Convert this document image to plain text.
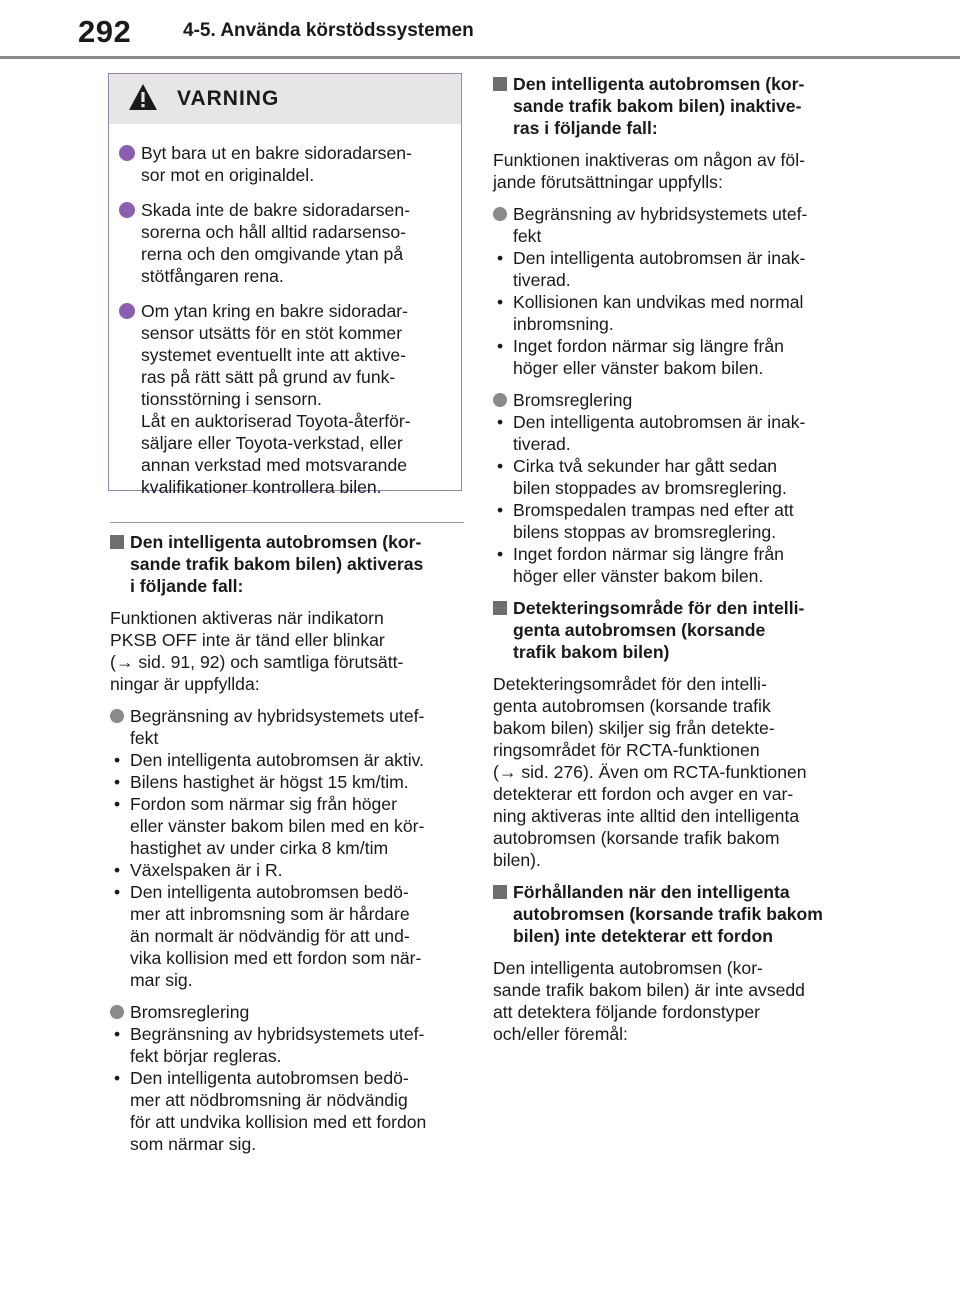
292	4-5. Använda körstödssystemen
VARNING
Byt bara ut en bakre sidoradarsen-
sor mot en originaldel.
Skada inte de bakre sidoradarsen-
sorerna och håll alltid radarsenso-
rerna och den omgivande ytan på
stötfångaren rena.
Om ytan kring en bakre sidoradar-
sensor utsätts för en stöt kommer
systemet eventuellt inte att aktive-
ras på rätt sätt på grund av funk-
tionsstörning i sensorn.
Låt en auktoriserad Toyota-återför-
säljare eller Toyota-verkstad, eller
annan verkstad med motsvarande
kvalifikationer kontrollera bilen.
Den intelligenta autobromsen (kor-
sande trafik bakom bilen) aktiveras
i följande fall:
Funktionen aktiveras när indikatorn
PKSB OFF inte är tänd eller blinkar
(→ sid. 91, 92) och samtliga förutsätt-
ningar är uppfyllda:
Begränsning av hybridsystemets utef-
fekt
• Den intelligenta autobromsen är aktiv.
• Bilens hastighet är högst 15 km/tim.
• Fordon som närmar sig från höger
eller vänster bakom bilen med en kör-
hastighet av under cirka 8 km/tim
• Växelspaken är i R.
• Den intelligenta autobromsen bedö-
mer att inbromsning som är hårdare
än normalt är nödvändig för att und-
vika kollision med ett fordon som när-
mar sig.
Bromsreglering
• Begränsning av hybridsystemets utef-
fekt börjar regleras.
• Den intelligenta autobromsen bedö-
mer att nödbromsning är nödvändig
för att undvika kollision med ett fordon
som närmar sig.
Den intelligenta autobromsen (kor-
sande trafik bakom bilen) inaktive-
ras i följande fall:
Funktionen inaktiveras om någon av föl-
jande förutsättningar uppfylls:
Begränsning av hybridsystemets utef-
fekt
• Den intelligenta autobromsen är inak-
tiverad.
• Kollisionen kan undvikas med normal
inbromsning.
• Inget fordon närmar sig längre från
höger eller vänster bakom bilen.
Bromsreglering
• Den intelligenta autobromsen är inak-
tiverad.
• Cirka två sekunder har gått sedan
bilen stoppades av bromsreglering.
• Bromspedalen trampas ned efter att
bilens stoppas av bromsreglering.
• Inget fordon närmar sig längre från
höger eller vänster bakom bilen.
Detekteringsområde för den intelli-
genta autobromsen (korsande
trafik bakom bilen)
Detekteringsområdet för den intelli-
genta autobromsen (korsande trafik
bakom bilen) skiljer sig från detekte-
ringsområdet för RCTA-funktionen
(→ sid. 276). Även om RCTA-funktionen
detekterar ett fordon och avger en var-
ning aktiveras inte alltid den intelligenta
autobromsen (korsande trafik bakom
bilen).
Förhållanden när den intelligenta
autobromsen (korsande trafik bakom
bilen) inte detekterar ett fordon
Den intelligenta autobromsen (kor-
sande trafik bakom bilen) är inte avsedd
att detektera följande fordonstyper
och/eller föremål:
